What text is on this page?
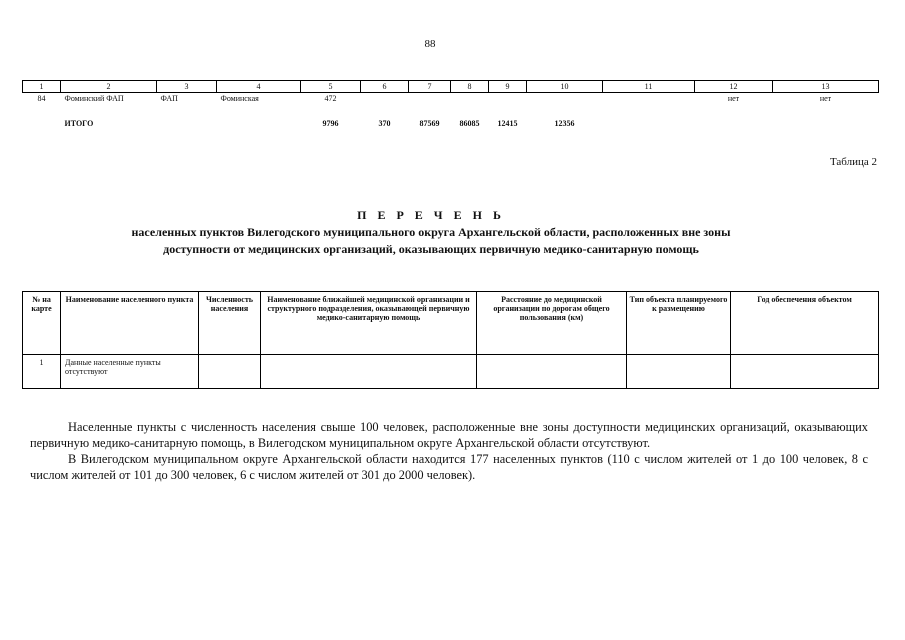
88
1	2	3	4	5	6	7	8	9	10	11	12	13
84	Фоминский ФАП	ФАП	Фоминская	472							нет	нет
	ИТОГО			9796	370	87569	86085	12415	12356			
Таблица 2
П Е Р Е Ч Е Н Ь
населенных пунктов Вилегодского муниципального округа Архангельской области, расположенных вне зоны
доступности от медицинских организаций, оказывающих первичную медико-санитарную помощь
№ на карте	Наименование населенного пункта	Численность населения	Наименование ближайшей медицинской организации и структурного подразделения, оказывающей первичную медико-санитарную помощь	Расстояние до медицинской организации по дорогам общего пользования (км)	Тип объекта планируемого к размещению	Год обеспечения объектом
1	Данные населенные пункты отсутствуют					

Населенные пункты с численность населения свыше 100 человек, расположенные вне зоны доступности медицинских организаций, оказывающих первичную медико-санитарную помощь, в Вилегодском муниципальном округе Архангельской области отсутствуют.

В Вилегодском муниципальном округе Архангельской области находится 177 населенных пунктов (110 с числом жителей от 1 до 100 человек, 8 с числом жителей от 101 до 300 человек, 6 с числом жителей от 301 до 2000 человек).
